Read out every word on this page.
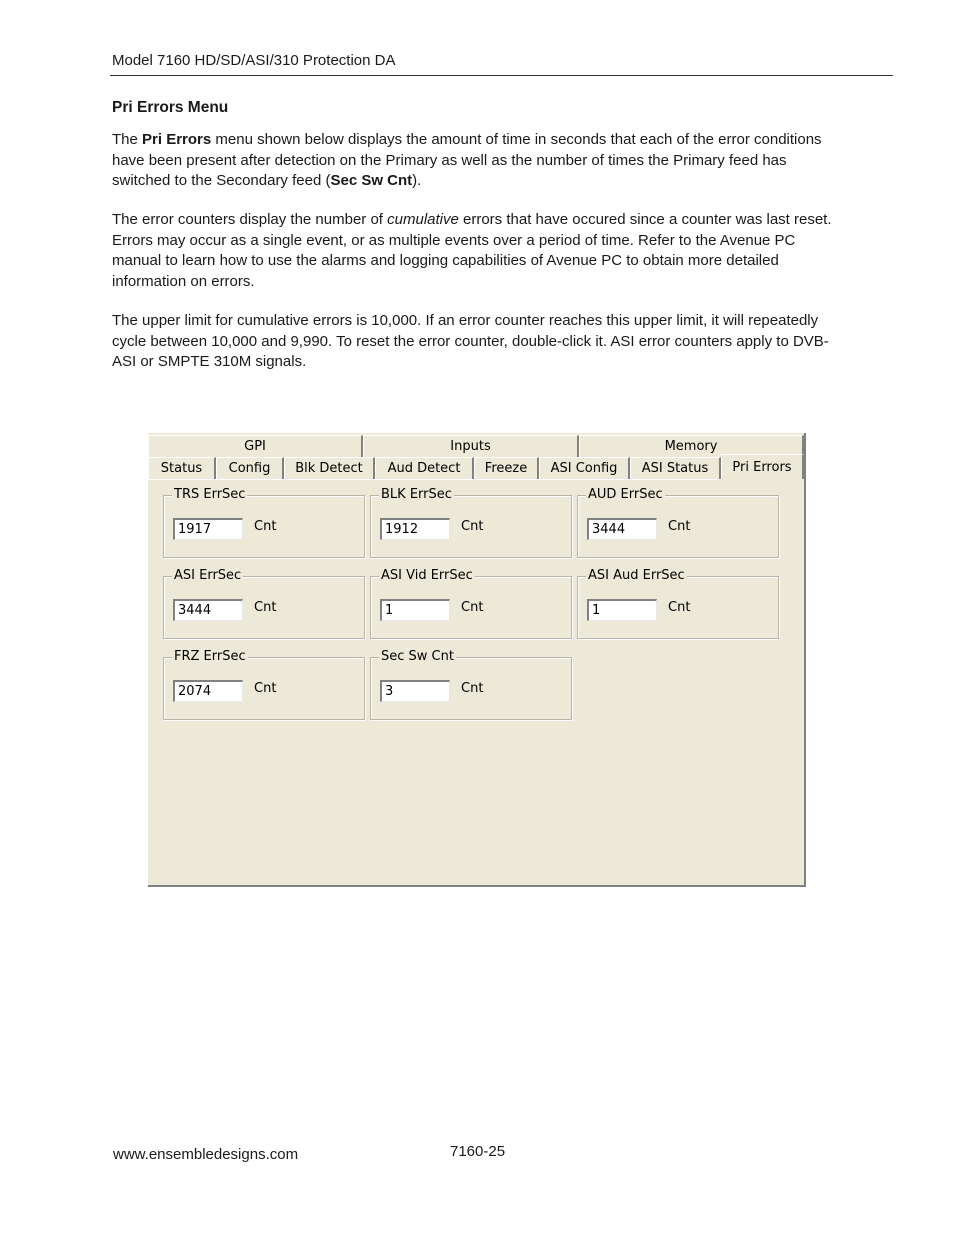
Model 7160 HD/SD/ASI/310 Protection DA
Pri Errors Menu

The Pri Errors menu shown below displays the amount of time in seconds that each of the error conditions have been present after detection on the Primary as well as the number of times the Primary feed has switched to the Secondary feed (Sec Sw Cnt).

The error counters display the number of cumulative errors that have occured since a counter was last reset. Errors may occur as a single event, or as multiple events over a period of time. Refer to the Avenue PC manual to learn how to use the alarms and logging capabilities of Avenue PC to obtain more detailed information on errors.

The upper limit for cumulative errors is 10,000. If an error counter reaches this upper limit, it will repeatedly cycle between 10,000 and 9,990. To reset the error counter, double-click it. ASI error counters apply to DVB-ASI or SMPTE 310M signals.

GPI	Inputs	Memory
Status	Config	Blk Detect	Aud Detect	Freeze	ASI Config	ASI Status	Pri Errors
TRS ErrSec
1917	Cnt
BLK ErrSec
1912	Cnt
AUD ErrSec
3444	Cnt
ASI ErrSec
3444	Cnt
ASI Vid ErrSec
1	Cnt
ASI Aud ErrSec
1	Cnt
FRZ ErrSec
2074	Cnt
Sec Sw Cnt
3	Cnt
www.ensembledesigns.com	7160-25
